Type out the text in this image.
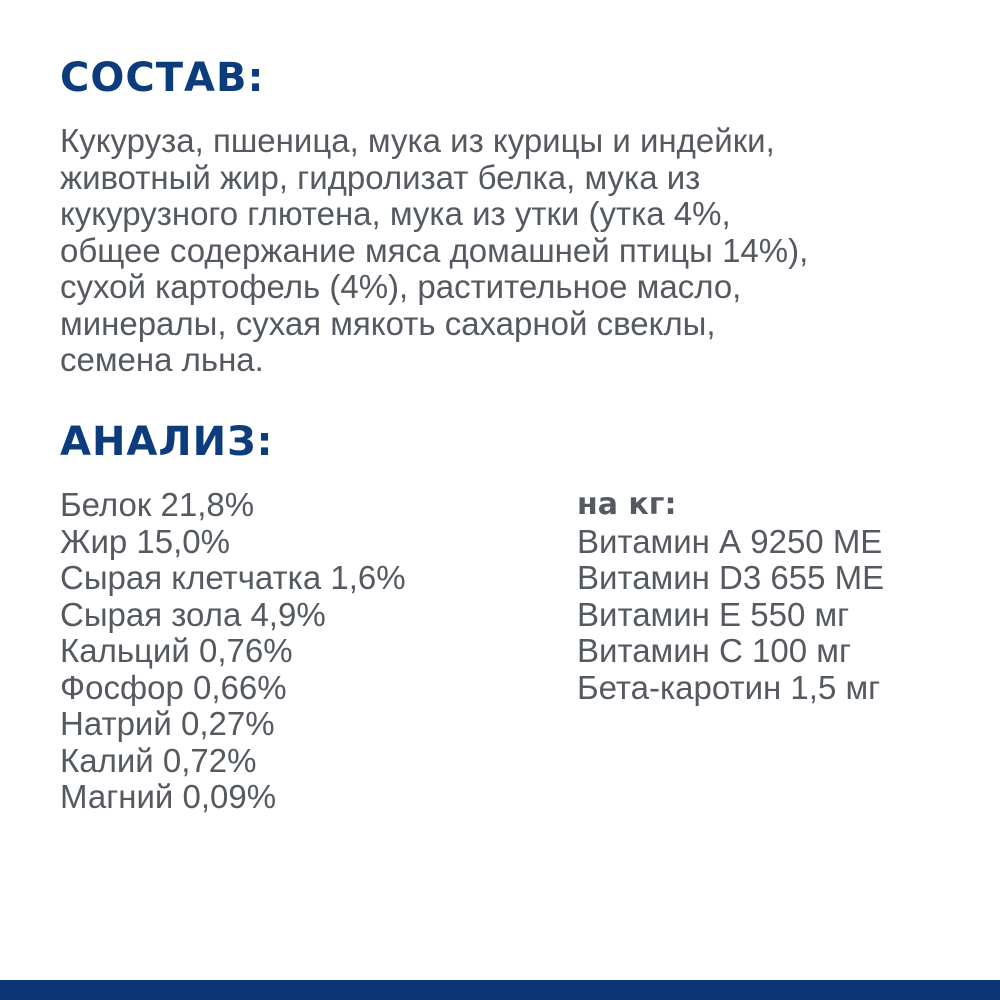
СОСТАВ:

Кукуруза, пшеница, мука из курицы и индейки,
животный жир, гидролизат белка, мука из
кукурузного глютена, мука из утки (утка 4%,
общее содержание мяса домашней птицы 14%),
сухой картофель (4%), растительное масло,
минералы, сухая мякоть сахарной свеклы,
семена льна.

АНАЛИЗ:
Белок 21,8%
Жир 15,0%
Сырая клетчатка 1,6%
Сырая зола 4,9%
Кальций 0,76%
Фосфор 0,66%
Натрий 0,27%
Калий 0,72%
Магний 0,09%
на кг:
Витамин А 9250 МЕ
Витамин D3 655 МЕ
Витамин Е 550 мг
Витамин С 100 мг
Бета-каротин 1,5 мг
